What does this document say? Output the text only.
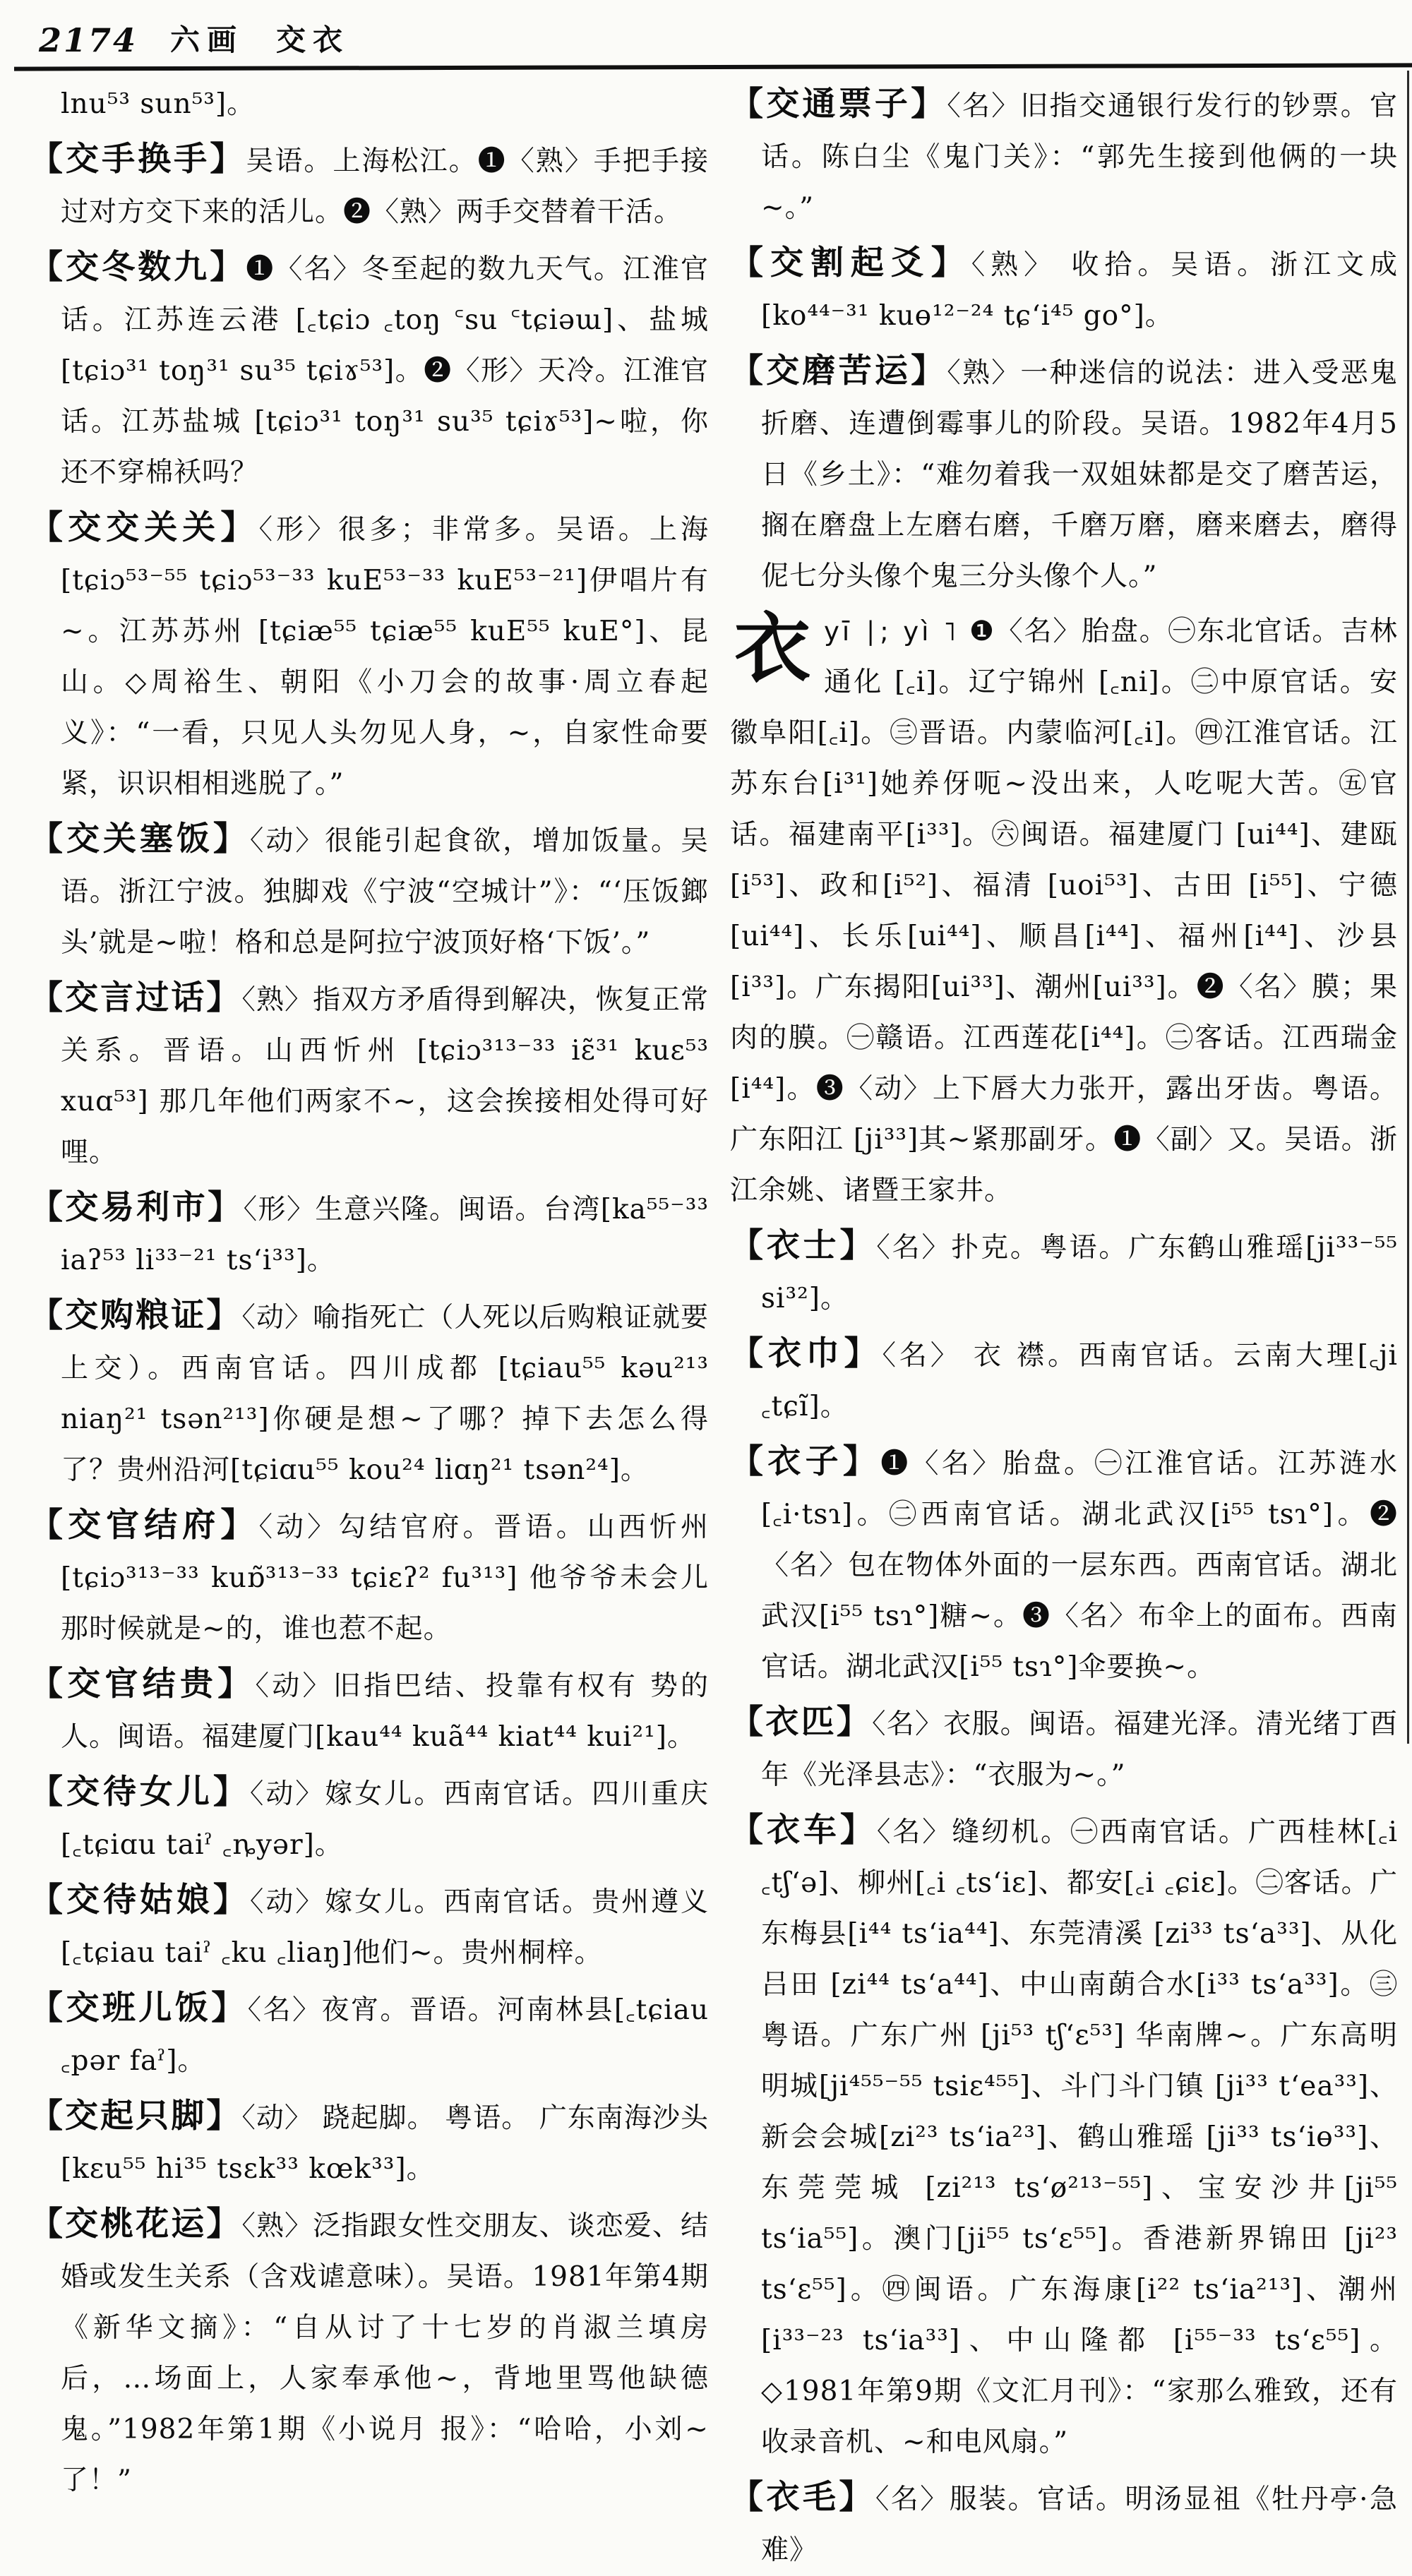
2174 六画 交衣

lnu⁵³ sun⁵³]。

【交手换手】吴语。上海松江。❶〈熟〉手把手接过对方交下来的活儿。❷〈熟〉两手交替着干活。

【交冬数九】❶〈名〉冬至起的数九天气。江淮官话。江苏连云港 [꜀tɕiɔ ꜀toŋ ꜂su ꜂tɕiəɯ]、盐城[tɕiɔ³¹ toŋ³¹ su³⁵ tɕiɤ⁵³]。❷〈形〉天冷。江淮官话。江苏盐城 [tɕiɔ³¹ toŋ³¹ su³⁵ tɕiɤ⁵³]~啦，你还不穿棉袄吗？

【交交关关】〈形〉很多；非常多。吴语。上海[tɕiɔ⁵³⁻⁵⁵ tɕiɔ⁵³⁻³³ kuE⁵³⁻³³ kuE⁵³⁻²¹]伊唱片有~。江苏苏州 [tɕiæ⁵⁵ tɕiæ⁵⁵ kuE⁵⁵ kuE°]、昆山。◇周裕生、朝阳《小刀会的故事·周立春起义》：“一看，只见人头勿见人身，~，自家性命要紧，识识相相逃脱了。”

【交关塞饭】〈动〉很能引起食欲，增加饭量。吴语。浙江宁波。独脚戏《宁波“空城计”》：“‘压饭鎯头’就是~啦！格和总是阿拉宁波顶好格‘下饭’。”

【交言过话】〈熟〉指双方矛盾得到解决，恢复正常关系。晋语。山西忻州 [tɕiɔ³¹³⁻³³ iɛ̃³¹ kuɛ⁵³ xuɑ⁵³] 那几年他们两家不~，这会挨接相处得可好哩。

【交易利市】〈形〉生意兴隆。闽语。台湾[ka⁵⁵⁻³³ iaʔ⁵³ li³³⁻²¹ tsʻi³³]。

【交购粮证】〈动〉喻指死亡（人死以后购粮证就要上交）。西南官话。四川成都 [tɕiau⁵⁵ kəu²¹³ niaŋ²¹ tsən²¹³]你硬是想~了哪？掉下去怎么得了？贵州沿河[tɕiɑu⁵⁵ kou²⁴ liɑŋ²¹ tsən²⁴]。

【交官结府】〈动〉勾结官府。晋语。山西忻州 [tɕiɔ³¹³⁻³³ kuɒ̃³¹³⁻³³ tɕiɛʔ² fu³¹³] 他爷爷未会儿那时候就是~的，谁也惹不起。

【交官结贵】〈动〉旧指巴结、投靠有权有 势的人。闽语。福建厦门[kau⁴⁴ kuã⁴⁴ kiat⁴⁴ kui²¹]。

【交待女儿】〈动〉嫁女儿。西南官话。四川重庆[꜀tɕiɑu taiˀ ꜀ȵyər]。

【交待姑娘】〈动〉嫁女儿。西南官话。贵州遵义[꜀tɕiau taiˀ ꜀ku ꜀liaŋ]他们~。贵州桐梓。

【交班儿饭】〈名〉夜宵。晋语。河南林县[꜀tɕiau ꜀pər faˀ]。

【交起只脚】〈动〉 跷起脚。 粤语。 广东南海沙头[kɛu⁵⁵ hi³⁵ tsɛk³³ kœk³³]。

【交桃花运】〈熟〉泛指跟女性交朋友、谈恋爱、结婚或发生关系（含戏谑意味）。吴语。1981年第4期《新华文摘》：“自从讨了十七岁的肖淑兰填房后，…场面上，人家奉承他~，背地里骂他缺德鬼。”1982年第1期《小说月 报》：“哈哈，小刘~了！”

【交通票子】〈名〉旧指交通银行发行的钞票。官话。陈白尘《鬼门关》：“郭先生接到他俩的一块~。”

【交割起爻】〈熟〉 收拾。吴语。浙江文成 [ko⁴⁴⁻³¹ kuɵ¹²⁻²⁴ tɕʻi⁴⁵ go°]。

【交磨苦运】〈熟〉一种迷信的说法：进入受恶鬼折磨、连遭倒霉事儿的阶段。吴语。1982年4月5日《乡土》：“难勿着我一双姐妹都是交了磨苦运，搁在磨盘上左磨右磨，千磨万磨，磨来磨去，磨得伲七分头像个鬼三分头像个人。”

衣yī ∣; yì ˥ ❶〈名〉胎盘。㊀东北官话。吉林通化 [꜀i]。辽宁锦州 [꜀ni]。㊁中原官话。安徽阜阳[꜀i]。㊂晋语。内蒙临河[꜀i]。㊃江淮官话。江苏东台[i³¹]她养伢呃~没出来，人吃呢大苦。㊄官话。福建南平[i³³]。㊅闽语。福建厦门 [ui⁴⁴]、建瓯 [i⁵³]、政和[i⁵²]、福清 [uoi⁵³]、古田 [i⁵⁵]、宁德 [ui⁴⁴]、长乐[ui⁴⁴]、顺昌[i⁴⁴]、福州[i⁴⁴]、沙县[i³³]。广东揭阳[ui³³]、潮州[ui³³]。❷〈名〉膜；果肉的膜。㊀赣语。江西莲花[i⁴⁴]。㊁客话。江西瑞金[i⁴⁴]。❸〈动〉上下唇大力张开，露出牙齿。粤语。广东阳江 [ji³³]其~紧那副牙。❶〈副〉又。吴语。浙江余姚、诸暨王家井。

【衣士】〈名〉扑克。粤语。广东鹤山雅瑶[ji³³⁻⁵⁵ si³²]。

【衣巾】〈名〉 衣 襟。西南官话。云南大理[꜀ji ꜀tɕĩ]。

【衣子】❶〈名〉胎盘。㊀江淮官话。江苏涟水[꜀i·tsɿ]。㊁西南官话。湖北武汉[i⁵⁵ tsɿ°]。❷〈名〉包在物体外面的一层东西。西南官话。湖北武汉[i⁵⁵ tsɿ°]糖~。❸〈名〉布伞上的面布。西南官话。湖北武汉[i⁵⁵ tsɿ°]伞要换~。

【衣匹】〈名〉衣服。闽语。福建光泽。清光绪丁酉年《光泽县志》：“衣服为~。”

【衣车】〈名〉缝纫机。㊀西南官话。广西桂林[꜀i ꜀tʃʻə]、柳州[꜀i ꜀tsʻiɛ]、都安[꜀i ꜀ɕiɛ]。㊁客话。广东梅县[i⁴⁴ tsʻia⁴⁴]、东莞清溪 [zi³³ tsʻa³³]、从化吕田 [zi⁴⁴ tsʻa⁴⁴]、中山南蓢合水[i³³ tsʻa³³]。㊂粤语。广东广州 [ji⁵³ tʃʻɛ⁵³] 华南牌~。广东高明明城[ji⁴⁵⁵⁻⁵⁵ tsiɛ⁴⁵⁵]、斗门斗门镇 [ji³³ tʻea³³]、新会会城[zi²³ tsʻia²³]、鹤山雅瑶 [ji³³ tsʻiɵ³³]、东莞莞城 [zi²¹³ tsʻø²¹³⁻⁵⁵]、宝安沙井[ji⁵⁵ tsʻia⁵⁵]。澳门[ji⁵⁵ tsʻɛ⁵⁵]。香港新界锦田 [ji²³ tsʻɛ⁵⁵]。㊃闽语。广东海康[i²² tsʻia²¹³]、潮州 [i³³⁻²³ tsʻia³³]、中山隆都 [i⁵⁵⁻³³ tsʻɛ⁵⁵]。◇1981年第9期《文汇月刊》：“家那么雅致，还有收录音机、~和电风扇。”

【衣毛】〈名〉服装。官话。明汤显祖《牡丹亭·急难》
